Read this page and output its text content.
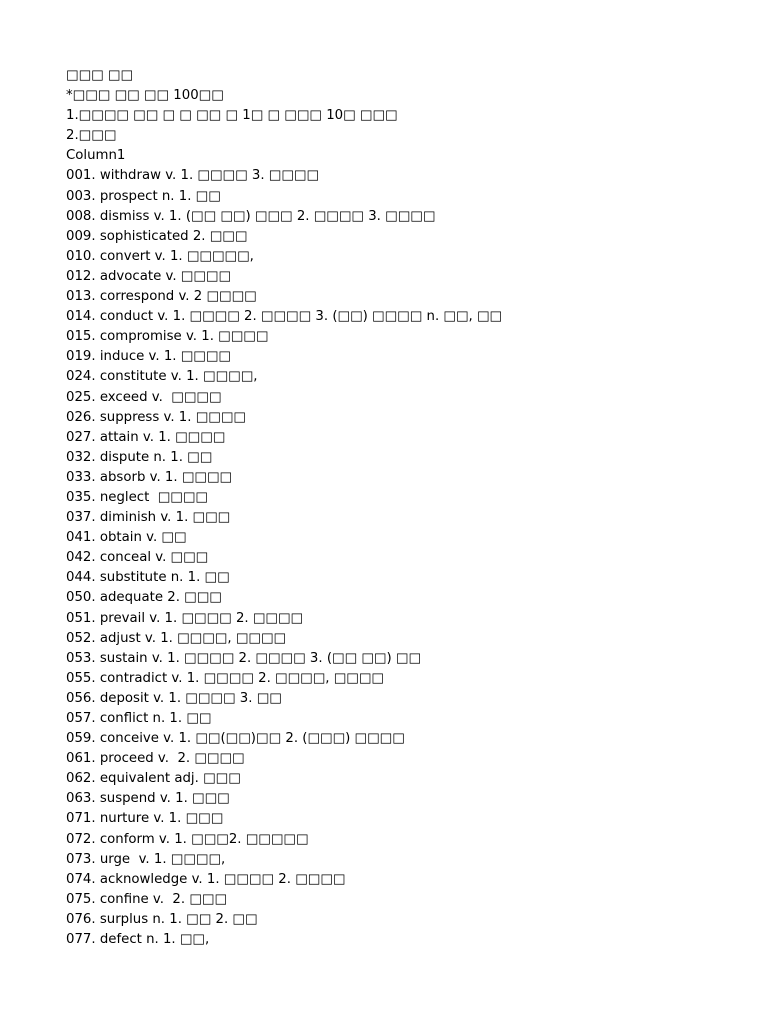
□□□ □□
*□□□ □□ □□ 100□□
1.□□□□ □□ □ □ □□ □ 1□ □ □□□ 10□ □□□
2.□□□
Column1
001. withdraw v. 1. □□□□ 3. □□□□
003. prospect n. 1. □□
008. dismiss v. 1. (□□ □□) □□□ 2. □□□□ 3. □□□□
009. sophisticated 2. □□□
010. convert v. 1. □□□□□,
012. advocate v. □□□□
013. correspond v. 2 □□□□
014. conduct v. 1. □□□□ 2. □□□□ 3. (□□) □□□□ n. □□, □□
015. compromise v. 1. □□□□
019. induce v. 1. □□□□
024. constitute v. 1. □□□□,
025. exceed v.  □□□□
026. suppress v. 1. □□□□
027. attain v. 1. □□□□
032. dispute n. 1. □□
033. absorb v. 1. □□□□
035. neglect  □□□□
037. diminish v. 1. □□□
041. obtain v. □□
042. conceal v. □□□
044. substitute n. 1. □□
050. adequate 2. □□□
051. prevail v. 1. □□□□ 2. □□□□
052. adjust v. 1. □□□□, □□□□
053. sustain v. 1. □□□□ 2. □□□□ 3. (□□ □□) □□
055. contradict v. 1. □□□□ 2. □□□□, □□□□
056. deposit v. 1. □□□□ 3. □□
057. conflict n. 1. □□
059. conceive v. 1. □□(□□)□□ 2. (□□□) □□□□
061. proceed v.  2. □□□□
062. equivalent adj. □□□
063. suspend v. 1. □□□
071. nurture v. 1. □□□
072. conform v. 1. □□□2. □□□□□
073. urge  v. 1. □□□□,
074. acknowledge v. 1. □□□□ 2. □□□□
075. confine v.  2. □□□
076. surplus n. 1. □□ 2. □□
077. defect n. 1. □□,
